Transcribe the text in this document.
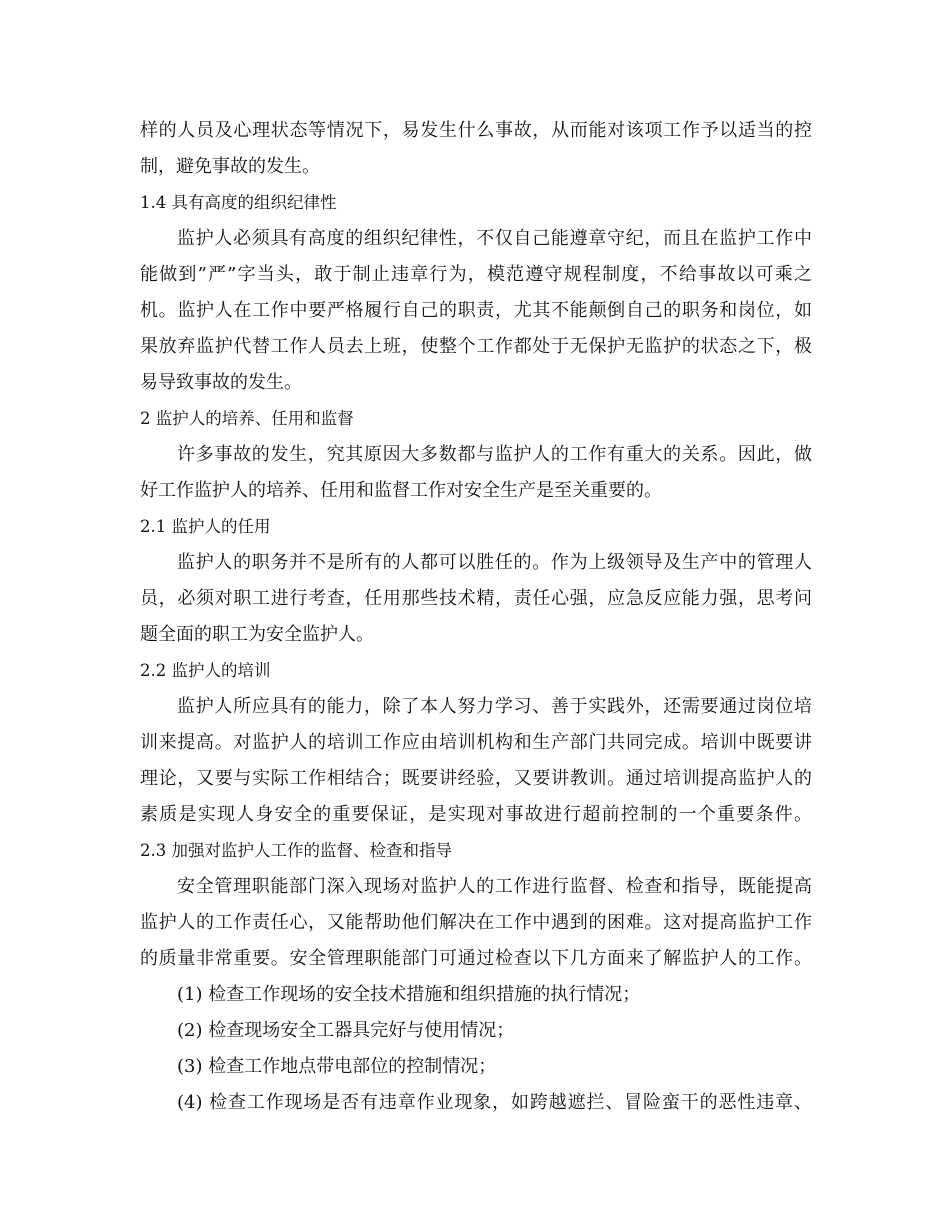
样的人员及心理状态等情况下，易发生什么事故，从而能对该项工作予以适当的控
制，避免事故的发生。
1.4 具有高度的组织纪律性
监护人必须具有高度的组织纪律性，不仅自己能遵章守纪，而且在监护工作中
能做到”严”字当头，敢于制止违章行为，模范遵守规程制度，不给事故以可乘之
机。监护人在工作中要严格履行自己的职责，尤其不能颠倒自己的职务和岗位，如
果放弃监护代替工作人员去上班，使整个工作都处于无保护无监护的状态之下，极
易导致事故的发生。
2 监护人的培养、任用和监督
许多事故的发生，究其原因大多数都与监护人的工作有重大的关系。因此，做
好工作监护人的培养、任用和监督工作对安全生产是至关重要的。
2.1 监护人的任用
监护人的职务并不是所有的人都可以胜任的。作为上级领导及生产中的管理人
员，必须对职工进行考查，任用那些技术精，责任心强，应急反应能力强，思考问
题全面的职工为安全监护人。
2.2 监护人的培训
监护人所应具有的能力，除了本人努力学习、善于实践外，还需要通过岗位培
训来提高。对监护人的培训工作应由培训机构和生产部门共同完成。培训中既要讲
理论，又要与实际工作相结合；既要讲经验，又要讲教训。通过培训提高监护人的
素质是实现人身安全的重要保证，是实现对事故进行超前控制的一个重要条件。
2.3 加强对监护人工作的监督、检查和指导
安全管理职能部门深入现场对监护人的工作进行监督、检查和指导，既能提高
监护人的工作责任心，又能帮助他们解决在工作中遇到的困难。这对提高监护工作
的质量非常重要。安全管理职能部门可通过检查以下几方面来了解监护人的工作。
(1) 检查工作现场的安全技术措施和组织措施的执行情况；
(2) 检查现场安全工器具完好与使用情况；
(3) 检查工作地点带电部位的控制情况；
(4) 检查工作现场是否有违章作业现象，如跨越遮拦、冒险蛮干的恶性违章、
